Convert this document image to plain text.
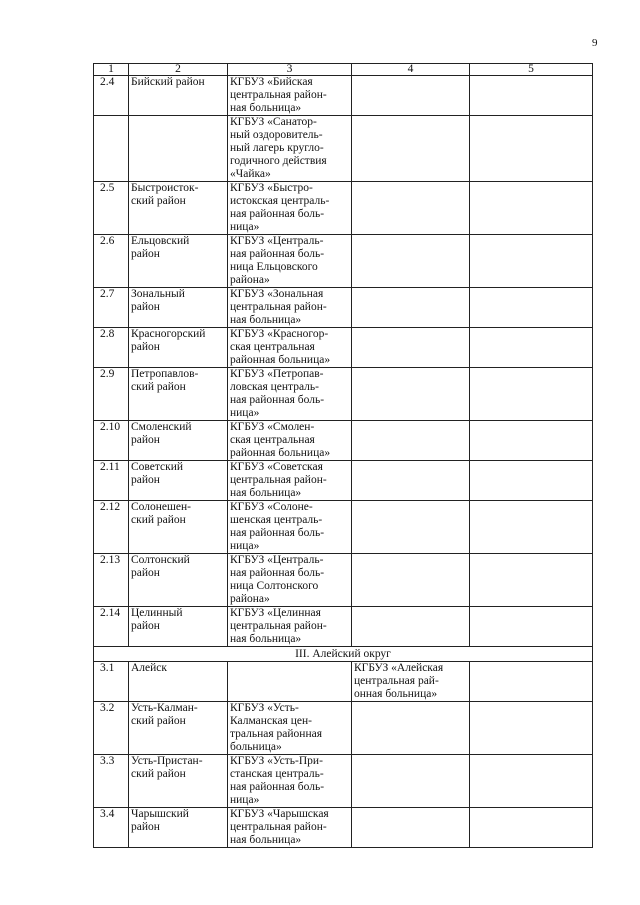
9
1	2	3	4	5
2.4	Бийский район	КГБУЗ «Бийская
центральная район-
ная больница»		
		КГБУЗ «Санатор-
ный оздоровитель-
ный лагерь кругло-
годичного действия
«Чайка»		
2.5	Быстроисток-
ский район	КГБУЗ «Быстро-
истокская централь-
ная районная боль-
ница»		
2.6	Ельцовский
район	КГБУЗ «Централь-
ная районная боль-
ница Ельцовского
района»		
2.7	Зональный
район	КГБУЗ «Зональная
центральная район-
ная больница»		
2.8	Красногорский
район	КГБУЗ «Красногор-
ская центральная
районная больница»		
2.9	Петропавлов-
ский район	КГБУЗ «Петропав-
ловская централь-
ная районная боль-
ница»		
2.10	Смоленский
район	КГБУЗ «Смолен-
ская центральная
районная больница»		
2.11	Советский
район	КГБУЗ «Советская
центральная район-
ная больница»		
2.12	Солонешен-
ский район	КГБУЗ «Солоне-
шенская централь-
ная районная боль-
ница»		
2.13	Солтонский
район	КГБУЗ «Централь-
ная районная боль-
ница Солтонского
района»		
2.14	Целинный
район	КГБУЗ «Целинная
центральная район-
ная больница»		
III. Алейский округ				
3.1	Алейск		КГБУЗ «Алейская
центральная рай-
онная больница»	
3.2	Усть-Калман-
ский район	КГБУЗ «Усть-
Калманская цен-
тральная районная
больница»		
3.3	Усть-Пристан-
ский район	КГБУЗ «Усть-При-
станская централь-
ная районная боль-
ница»		
3.4	Чарышский
район	КГБУЗ «Чарышская
центральная район-
ная больница»		
